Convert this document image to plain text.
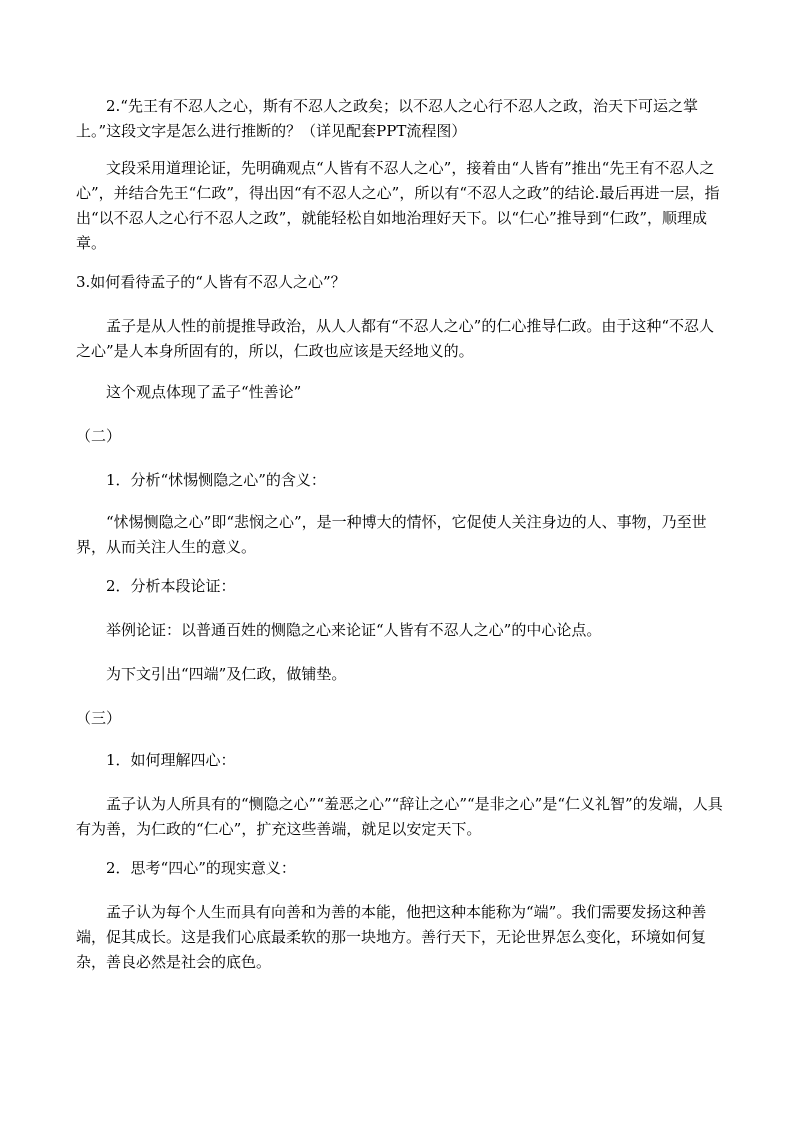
2.“先王有不忍人之心，斯有不忍人之政矣；以不忍人之心行不忍人之政，治天下可运之掌上。”这段文字是怎么进行推断的？（详见配套PPT流程图）

文段采用道理论证，先明确观点“人皆有不忍人之心”，接着由“人皆有”推出“先王有不忍人之心”，并结合先王“仁政”，得出因“有不忍人之心”，所以有“不忍人之政”的结论.最后再进一层，指出“以不忍人之心行不忍人之政”，就能轻松自如地治理好天下。以“仁心”推导到“仁政”，顺理成章。

3.如何看待孟子的“人皆有不忍人之心”？

孟子是从人性的前提推导政治，从人人都有“不忍人之心”的仁心推导仁政。由于这种“不忍人之心”是人本身所固有的，所以，仁政也应该是天经地义的。

这个观点体现了孟子“性善论”

（二）

1．分析“怵惕恻隐之心”的含义：

“怵惕恻隐之心”即“悲悯之心”，是一种博大的情怀，它促使人关注身边的人、事物，乃至世界，从而关注人生的意义。

2．分析本段论证：

举例论证：以普通百姓的恻隐之心来论证“人皆有不忍人之心”的中心论点。

为下文引出“四端”及仁政，做铺垫。

（三）

1．如何理解四心：

孟子认为人所具有的“恻隐之心”“羞恶之心”“辞让之心”“是非之心”是“仁义礼智”的发端，人具有为善，为仁政的“仁心”，扩充这些善端，就足以安定天下。

2．思考“四心”的现实意义：

孟子认为每个人生而具有向善和为善的本能，他把这种本能称为“端”。我们需要发扬这种善端，促其成长。这是我们心底最柔软的那一块地方。善行天下，无论世界怎么变化，环境如何复杂，善良必然是社会的底色。
